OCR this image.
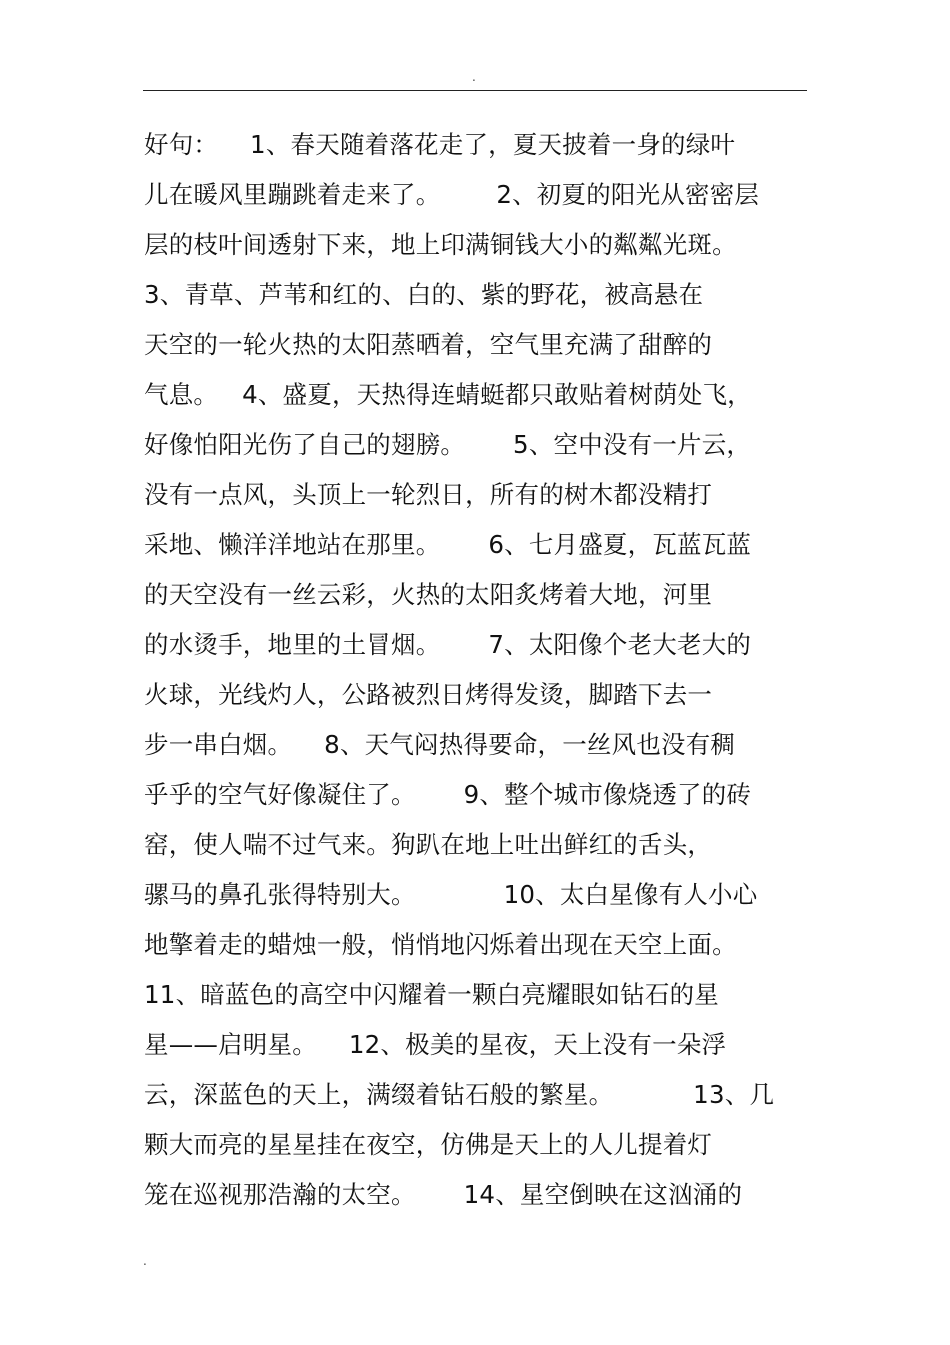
.
好句：    1、春天随着落花走了，夏天披着一身的绿叶
儿在暖风里蹦跳着走来了。       2、初夏的阳光从密密层
层的枝叶间透射下来，地上印满铜钱大小的粼粼光斑。
3、青草、芦苇和红的、白的、紫的野花，被高悬在
天空的一轮火热的太阳蒸晒着，空气里充满了甜醉的
气息。   4、盛夏，天热得连蜻蜓都只敢贴着树荫处飞，
好像怕阳光伤了自己的翅膀。      5、空中没有一片云，
没有一点风，头顶上一轮烈日，所有的树木都没精打
采地、懒洋洋地站在那里。      6、七月盛夏，瓦蓝瓦蓝
的天空没有一丝云彩，火热的太阳炙烤着大地，河里
的水烫手，地里的土冒烟。      7、太阳像个老大老大的
火球，光线灼人，公路被烈日烤得发烫，脚踏下去一
步一串白烟。    8、天气闷热得要命，一丝风也没有稠
乎乎的空气好像凝住了。      9、整个城市像烧透了的砖
窑，使人喘不过气来。狗趴在地上吐出鲜红的舌头，
骡马的鼻孔张得特别大。           10、太白星像有人小心
地擎着走的蜡烛一般，悄悄地闪烁着出现在天空上面。
11、暗蓝色的高空中闪耀着一颗白亮耀眼如钻石的星
星——启明星。    12、极美的星夜，天上没有一朵浮
云，深蓝色的天上，满缀着钻石般的繁星。          13、几
颗大而亮的星星挂在夜空，仿佛是天上的人儿提着灯
笼在巡视那浩瀚的太空。      14、星空倒映在这汹涌的
.
